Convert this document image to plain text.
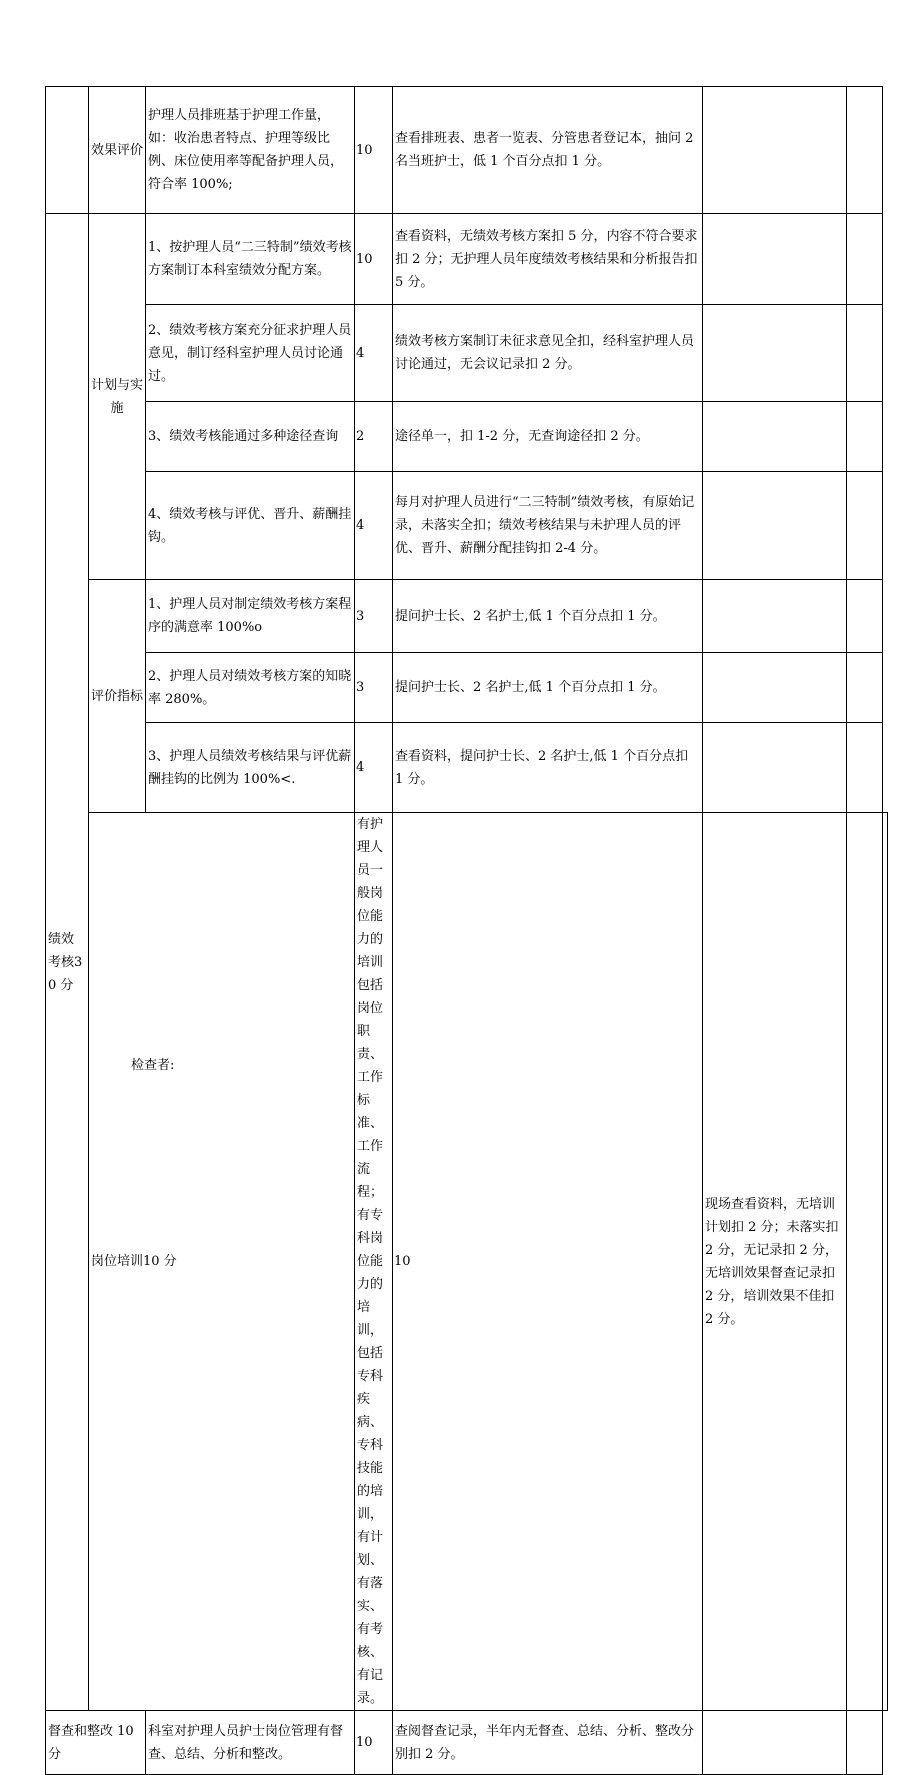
	效果评价	护理人员排班基于护理工作量，如：收治患者特点、护理等级比例、床位使用率等配备护理人员，符合率 100%;	10	查看排班表、患者一览表、分管患者登记本，抽问 2 名当班护士，低 1 个百分点扣 1 分。			
绩效考核30 分	计划与实施	1、按护理人员“二三特制”绩效考核方案制订本科室绩效分配方案。	10	查看资料，无绩效考核方案扣 5 分，内容不符合要求扣 2 分；无护理人员年度绩效考核结果和分析报告扣 5 分。			
		2、绩效考核方案充分征求护理人员意见，制订经科室护理人员讨论通过。	4	绩效考核方案制订未征求意见全扣，经科室护理人员讨论通过，无会议记录扣 2 分。			
		3、绩效考核能通过多种途径查询	2	途径单一，扣 1-2 分，无查询途径扣 2 分。			
		4、绩效考核与评优、晋升、薪酬挂钩。	4	每月对护理人员进行“二三特制”绩效考核，有原始记录，未落实全扣；绩效考核结果与未护理人员的评优、晋升、薪酬分配挂钩扣 2-4 分。			
	评价指标	1、护理人员对制定绩效考核方案程序的满意率 100%o	3	提问护士长、2 名护士,低 1 个百分点扣 1 分。			
		2、护理人员对绩效考核方案的知晓率 280%。	3	提问护士长、2 名护士,低 1 个百分点扣 1 分。			
		3、护理人员绩效考核结果与评优薪酬挂钩的比例为 100%<.	4	查看资料，提问护士长、2 名护士,低 1 个百分点扣 1 分。			
	岗位培训10 分		有护理人员一般岗位能力的培训包括岗位职责、工作标准、工作流程；有专科岗位能力的培训，包括专科疾病、专科技能的培训，有计划、有落实、有考核、有记录。	10	现场查看资料，无培训计划扣 2 分；未落实扣 2 分，无记录扣 2 分，无培训效果督查记录扣 2 分，培训效果不佳扣 2 分。		
督查和整改 10 分		科室对护理人员护士岗位管理有督查、总结、分析和整改。	10	查阅督查记录，半年内无督查、总结、分析、整改分别扣 2 分。			
检查者:
